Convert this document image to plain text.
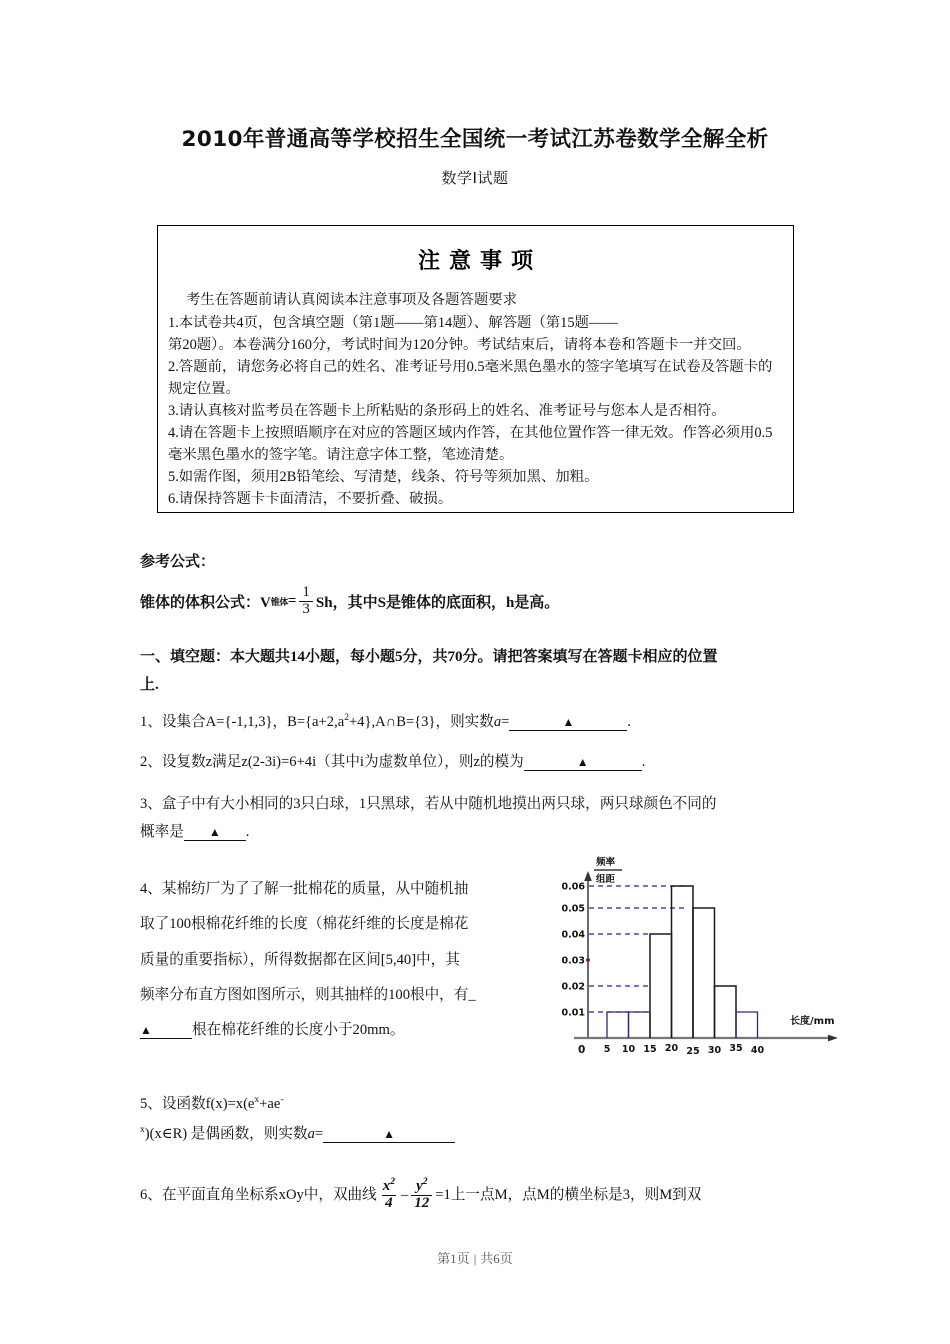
2010年普通高等学校招生全国统一考试江苏卷数学全解全析
数学Ⅰ试题
注意事项

考生在答题前请认真阅读本注意事项及各题答题要求

1.本试卷共4页，包含填空题（第1题——第14题）、解答题（第15题——

第20题）。本卷满分160分，考试时间为120分钟。考试结束后，请将本卷和答题卡一并交回。

2.答题前，请您务必将自己的姓名、准考证号用0.5毫米黑色墨水的签字笔填写在试卷及答题卡的

规定位置。

3.请认真核对监考员在答题卡上所粘贴的条形码上的姓名、准考证号与您本人是否相符。

4.请在答题卡上按照晤顺序在对应的答题区域内作答，在其他位置作答一律无效。作答必须用0.5

毫米黑色墨水的签字笔。请注意字体工整，笔迹清楚。

5.如需作图，须用2B铅笔绘、写清楚，线条、符号等须加黑、加粗。

6.请保持答题卡卡面清洁，不要折叠、破损。

参考公式：

锥体的体积公式：V 锥体 = $\frac{1}{3}$ Sh， 其中S是锥体的底面积，h是高。

一、填空题：本大题共14小题，每小题5分，共70分。请把答案填写在答题卡相应的位置

上.

1、设集合A={-1,1,3}，$B=\{a+2,a^2+4\},A\cap B=\{3\}$，则实数a=	▲	.

2、设复数z满足z(2-3i)=6+4i（其中i为虚数单位），则z的模为	▲	.

3、盒子中有大小相同的3只白球，1只黑球，若从中随机地摸出两只球，两只球颜色不同的

概率是 ▲ .

4、某棉纺厂为了了解一批棉花的质量，从中随机抽

取了100根棉花纤维的长度（棉花纤维的长度是棉花

质量的重要指标），所得数据都在区间[5,40]中，其

频率分布直方图如图所示，则其抽样的100根中，有_

▲	根在棉花纤维的长度小于20mm。

0.01
0.02
0.03
0.04
0.05
0.06
频率
组距
5 10 15 20 25 30 35 40
0
长度/mm

5、设函数$f(x)=x(e^x+ae^-$

$^x$)(x∈R) 是偶函数，则实数a=	▲

6、在平面直角坐标系xOy中，双曲线 $\frac{x^2}{4} - \frac{y^2}{12} =1$上一点M，点M的横坐标是3，则M到双

第1页 | 共6页
